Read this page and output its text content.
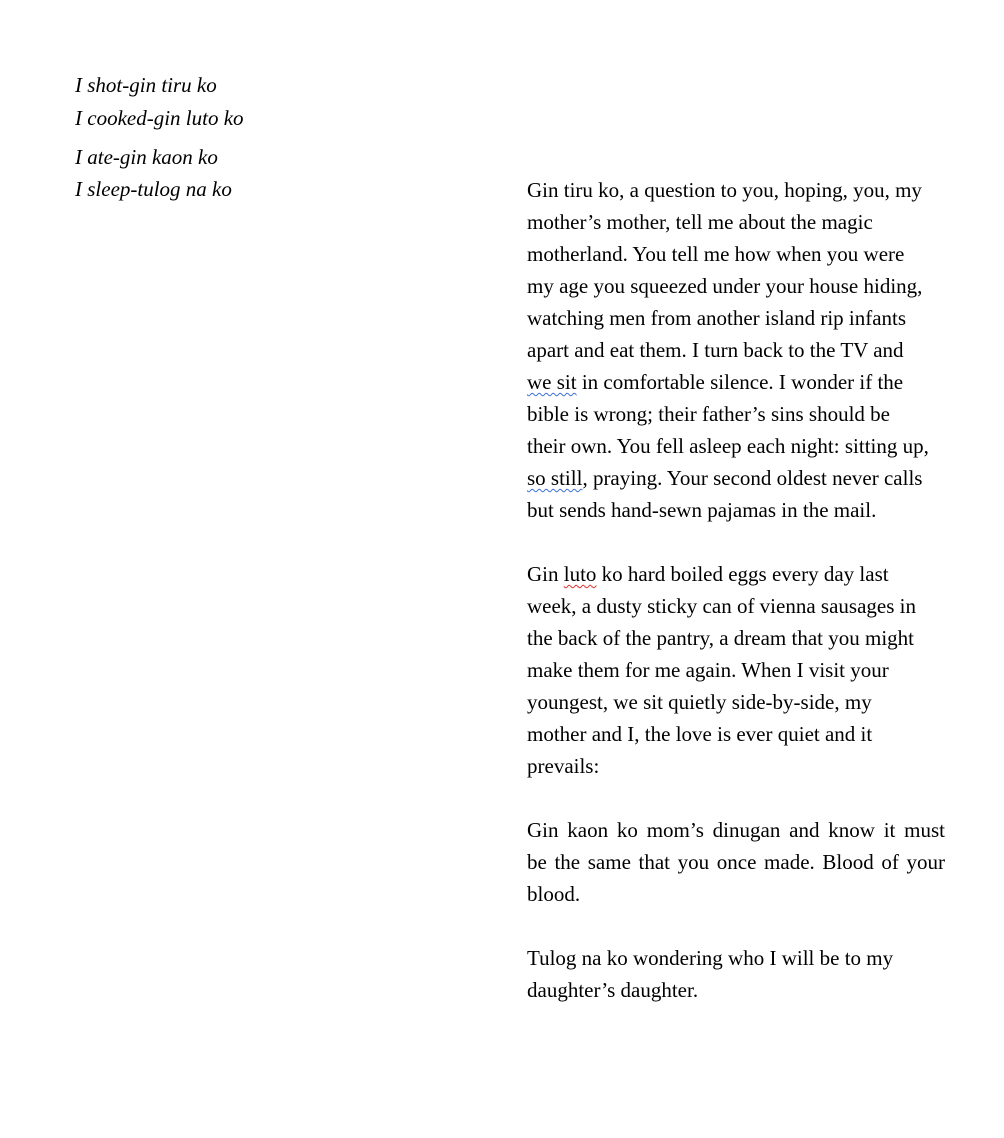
I shot-gin tiru ko
I cooked-gin luto ko
I ate-gin kaon ko
I sleep-tulog na ko	Gin tiru ko, a question to you, hoping, you, my
mother’s mother, tell me about the magic
motherland. You tell me how when you were
my age you squeezed under your house hiding,
watching men from another island rip infants
apart and eat them. I turn back to the TV and
we sit in comfortable silence. I wonder if the
bible is wrong; their father’s sins should be
their own. You fell asleep each night: sitting up,
so still, praying. Your second oldest never calls
but sends hand-sewn pajamas in the mail.

Gin luto ko hard boiled eggs every day last
week, a dusty sticky can of vienna sausages in
the back of the pantry, a dream that you might
make them for me again. When I visit your
youngest, we sit quietly side-by-side, my
mother and I, the love is ever quiet and it
prevails:

Gin kaon ko mom’s dinugan and know it must
be the same that you once made. Blood of your
blood.

Tulog na ko wondering who I will be to my
daughter’s daughter.
